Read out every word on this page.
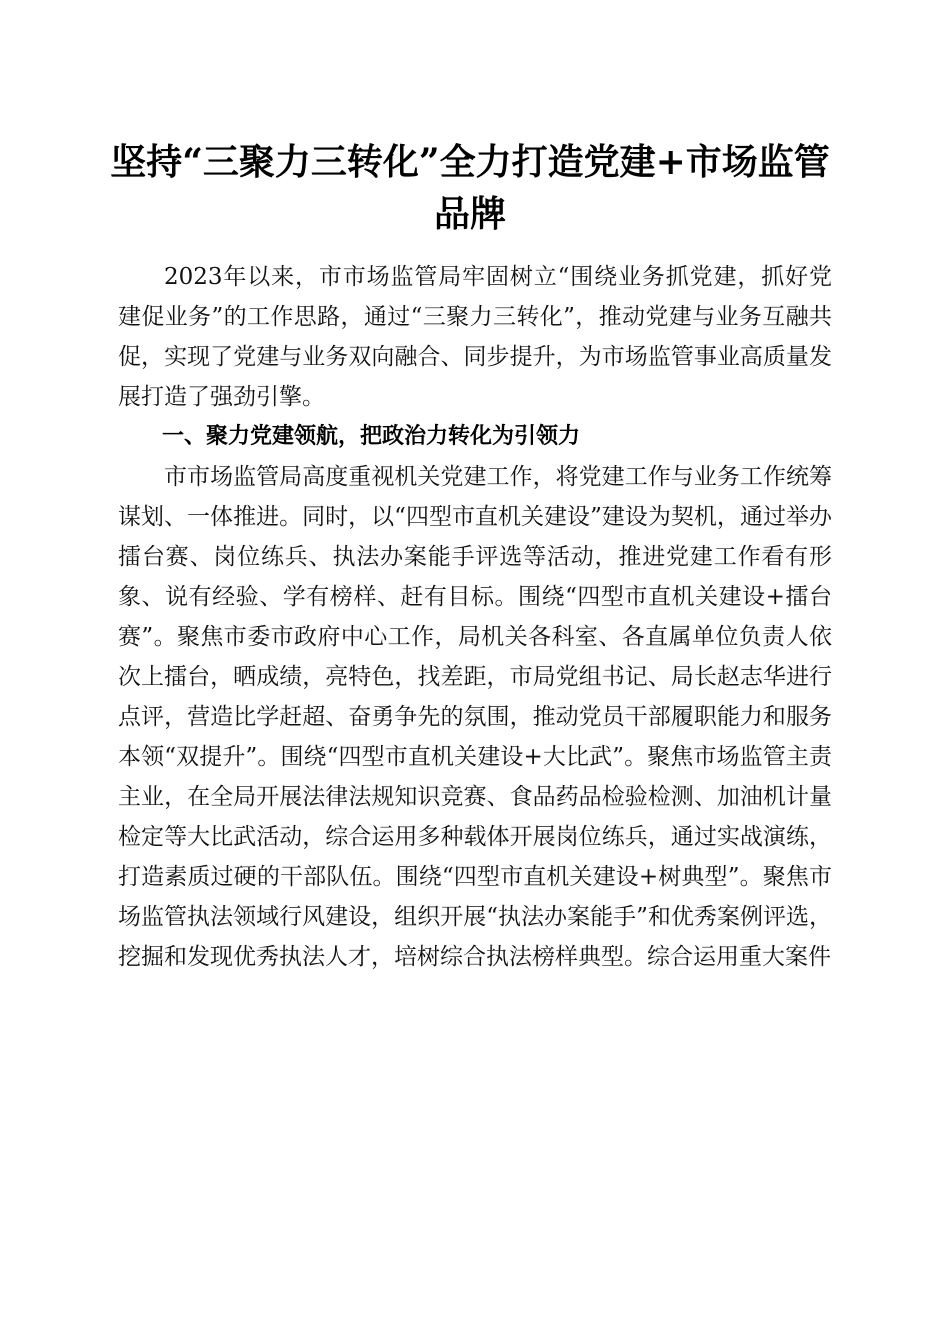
坚持“三聚力三转化”全力打造党建+市场监管品牌

2023年以来，市市场监管局牢固树立“围绕业务抓党建，抓好党建促业务”的工作思路，通过“三聚力三转化”，推动党建与业务互融共促，实现了党建与业务双向融合、同步提升，为市场监管事业高质量发展打造了强劲引擎。

一、聚力党建领航，把政治力转化为引领力

市市场监管局高度重视机关党建工作，将党建工作与业务工作统筹谋划、一体推进。同时，以“四型市直机关建设”建设为契机，通过举办擂台赛、岗位练兵、执法办案能手评选等活动，推进党建工作看有形象、说有经验、学有榜样、赶有目标。围绕“四型市直机关建设+擂台赛”。聚焦市委市政府中心工作，局机关各科室、各直属单位负责人依次上擂台，晒成绩，亮特色，找差距，市局党组书记、局长赵志华进行点评，营造比学赶超、奋勇争先的氛围，推动党员干部履职能力和服务本领“双提升”。围绕“四型市直机关建设+大比武”。聚焦市场监管主责主业，在全局开展法律法规知识竞赛、食品药品检验检测、加油机计量检定等大比武活动，综合运用多种载体开展岗位练兵，通过实战演练，打造素质过硬的干部队伍。围绕“四型市直机关建设+树典型”。聚焦市场监管执法领域行风建设，组织开展“执法办案能手”和优秀案例评选，挖掘和发现优秀执法人才，培树综合执法榜样典型。综合运用重大案件
